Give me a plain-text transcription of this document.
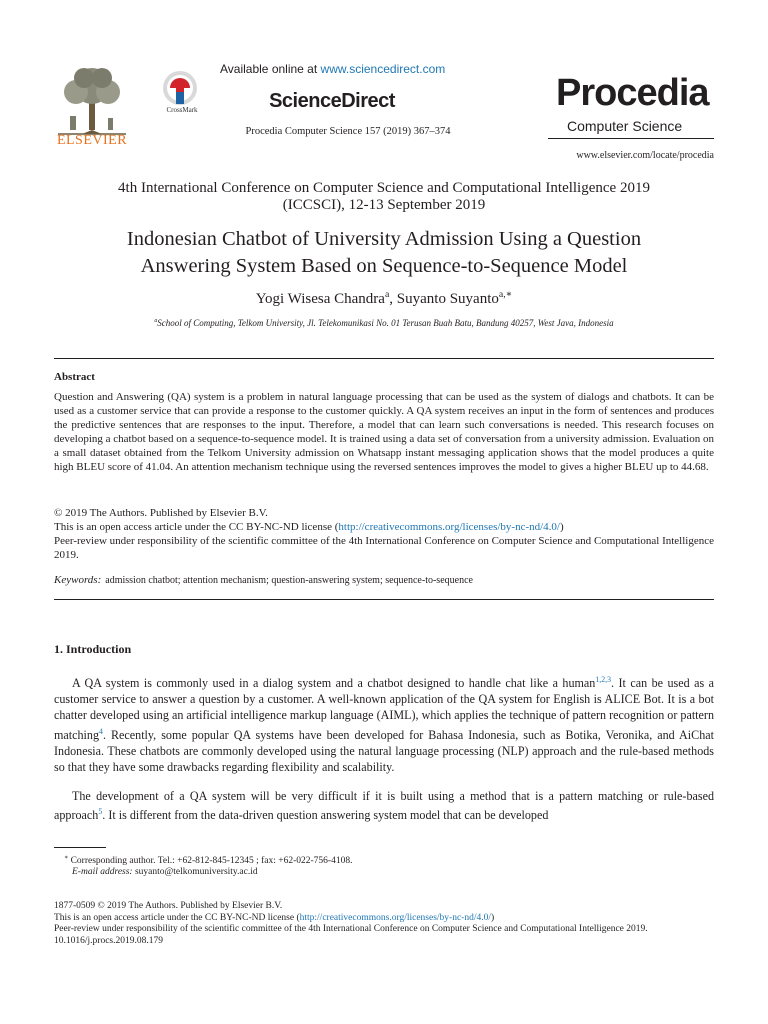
ELSEVIER
CrossMark
Available online at www.sciencedirect.com
ScienceDirect
Procedia Computer Science 157 (2019) 367–374
Procedia
Computer Science
www.elsevier.com/locate/procedia
4th International Conference on Computer Science and Computational Intelligence 2019
(ICCSCI), 12-13 September 2019
Indonesian Chatbot of University Admission Using a Question
Answering System Based on Sequence-to-Sequence Model
Yogi Wisesa Chandra$^a$, Suyanto Suyanto$^{a,∗}$
$^a$School of Computing, Telkom University, Jl. Telekomunikasi No. 01 Terusan Buah Batu, Bandung 40257, West Java, Indonesia
Abstract
Question and Answering (QA) system is a problem in natural language processing that can be used as the system of dialogs and chatbots. It can be used as a customer service that can provide a response to the customer quickly. A QA system receives an input in the form of sentences and produces the predictive sentences that are responses to the input. Therefore, a model that can learn such conversations is needed. This research focuses on developing a chatbot based on a sequence-to-sequence model. It is trained using a data set of conversation from a university admission. Evaluation on a small dataset obtained from the Telkom University admission on Whatsapp instant messaging application shows that the model produces a quite high BLEU score of 41.04. An attention mechanism technique using the reversed sentences improves the model to gives a higher BLEU up to 44.68.
© 2019 The Authors. Published by Elsevier B.V.
This is an open access article under the CC BY-NC-ND license (http://creativecommons.org/licenses/by-nc-nd/4.0/)
Peer-review under responsibility of the scientific committee of the 4th International Conference on Computer Science and Computational Intelligence 2019.
Keywords: admission chatbot; attention mechanism; question-answering system; sequence-to-sequence
1. Introduction

A QA system is commonly used in a dialog system and a chatbot designed to handle chat like a human$^{1,2,3}$. It can be used as a customer service to answer a question by a customer. A well-known application of the QA system for English is ALICE Bot. It is a bot chatter developed using an artificial intelligence markup language (AIML), which applies the technique of pattern recognition or pattern matching$^4$. Recently, some popular QA systems have been developed for Bahasa Indonesia, such as Botika, Veronika, and AiChat Indonesia. These chatbots are commonly developed using the natural language processing (NLP) approach and the rule-based methods so that they have some drawbacks regarding flexibility and scalability.

The development of a QA system will be very difficult if it is built using a method that is a pattern matching or rule-based approach$^5$. It is different from the data-driven question answering system model that can be developed

∗ Corresponding author. Tel.: +62-812-845-12345 ; fax: +62-022-756-4108.
E-mail address: suyanto@telkomuniversity.ac.id
1877-0509 © 2019 The Authors. Published by Elsevier B.V.
This is an open access article under the CC BY-NC-ND license (http://creativecommons.org/licenses/by-nc-nd/4.0/)
Peer-review under responsibility of the scientific committee of the 4th International Conference on Computer Science and Computational Intelligence 2019.
10.1016/j.procs.2019.08.179
